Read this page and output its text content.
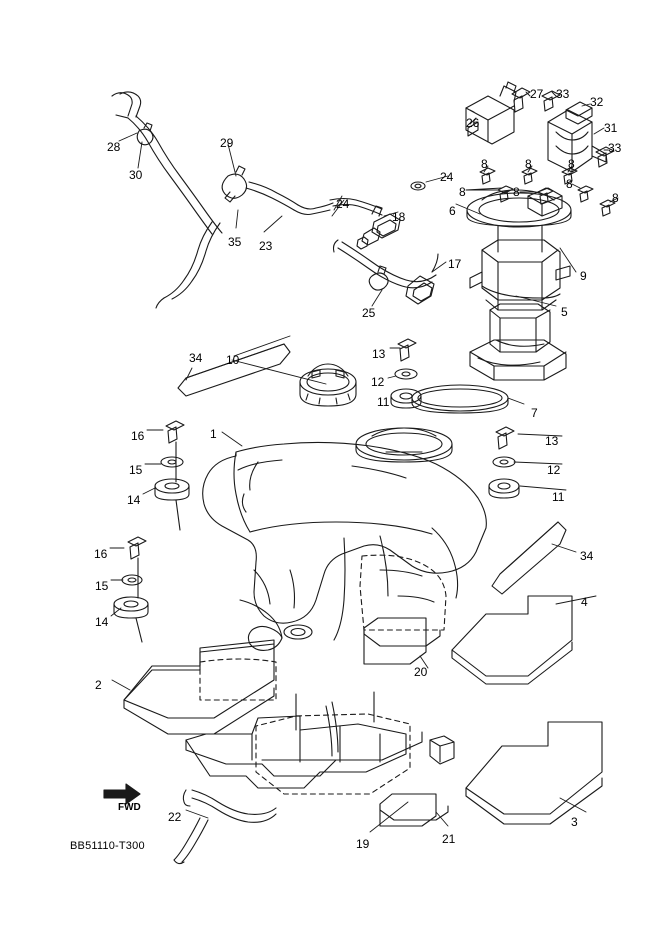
1
2
3
4
5
6
7
8	8	8
8	8
8
8
9
10
11
11
12
12
13
13
14
14
15
15
16
16
17
18
19
20
21
22
23
24
24
25
26
27
28	29
30
31
32
33
33
34
34
35
FWD
BB51110-T300
